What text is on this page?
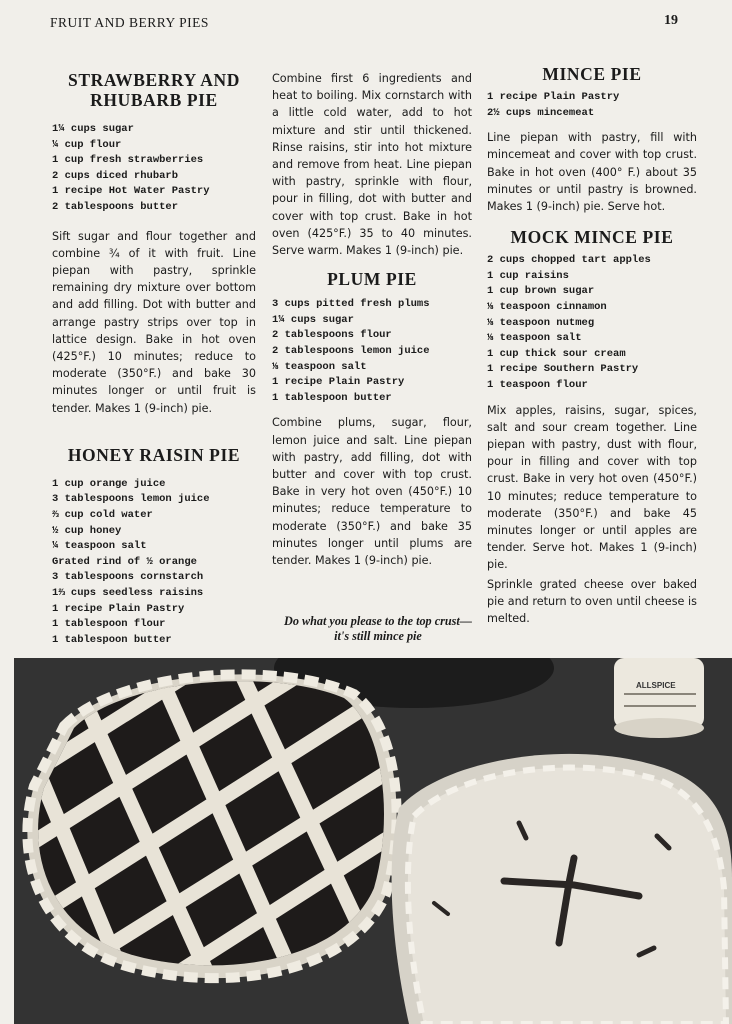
FRUIT AND BERRY PIES	19
STRAWBERRY AND
RHUBARB PIE
1¼ cups sugar
¼ cup flour
1 cup fresh strawberries
2 cups diced rhubarb
1 recipe Hot Water Pastry
2 tablespoons butter

Sift sugar and flour together and combine ¾ of it with fruit. Line piepan with pastry, sprinkle remaining dry mixture over bottom and add filling. Dot with butter and arrange pastry strips over top in lattice design. Bake in hot oven (425°F.) 10 minutes; reduce to moderate (350°F.) and bake 30 minutes longer or until fruit is tender. Makes 1 (9-inch) pie.

HONEY RAISIN PIE
1 cup orange juice
3 tablespoons lemon juice
⅔ cup cold water
½ cup honey
¼ teaspoon salt
Grated rind of ½ orange
3 tablespoons cornstarch
1⅔ cups seedless raisins
1 recipe Plain Pastry
1 tablespoon flour
1 tablespoon butter

Combine first 6 ingredients and heat to boiling. Mix cornstarch with a little cold water, add to hot mixture and stir until thickened. Rinse raisins, stir into hot mixture and remove from heat. Line piepan with pastry, sprinkle with flour, pour in filling, dot with butter and cover with top crust. Bake in hot oven (425°F.) 35 to 40 minutes. Serve warm. Makes 1 (9-inch) pie.

PLUM PIE
3 cups pitted fresh plums
1¼ cups sugar
2 tablespoons flour
2 tablespoons lemon juice
⅛ teaspoon salt
1 recipe Plain Pastry
1 tablespoon butter

Combine plums, sugar, flour, lemon juice and salt. Line piepan with pastry, add filling, dot with butter and cover with top crust. Bake in very hot oven (450°F.) 10 minutes; reduce temperature to moderate (350°F.) and bake 35 minutes longer until plums are tender. Makes 1 (9-inch) pie.

Do what you please to the top crust—it's still mince pie
MINCE PIE
1 recipe Plain Pastry
2½ cups mincemeat

Line piepan with pastry, fill with mincemeat and cover with top crust. Bake in hot oven (400° F.) about 35 minutes or until pastry is browned. Makes 1 (9-inch) pie. Serve hot.

MOCK MINCE PIE
2 cups chopped tart apples
1 cup raisins
1 cup brown sugar
⅛ teaspoon cinnamon
⅛ teaspoon nutmeg
⅛ teaspoon salt
1 cup thick sour cream
1 recipe Southern Pastry
1 teaspoon flour

Mix apples, raisins, sugar, spices, salt and sour cream together. Line piepan with pastry, dust with flour, pour in filling and cover with top crust. Bake in very hot oven (450°F.) 10 minutes; reduce temperature to moderate (350°F.) and bake 45 minutes longer or until apples are tender. Serve hot. Makes 1 (9-inch) pie.

Sprinkle grated cheese over baked pie and return to oven until cheese is melted.

ALLSPICE
